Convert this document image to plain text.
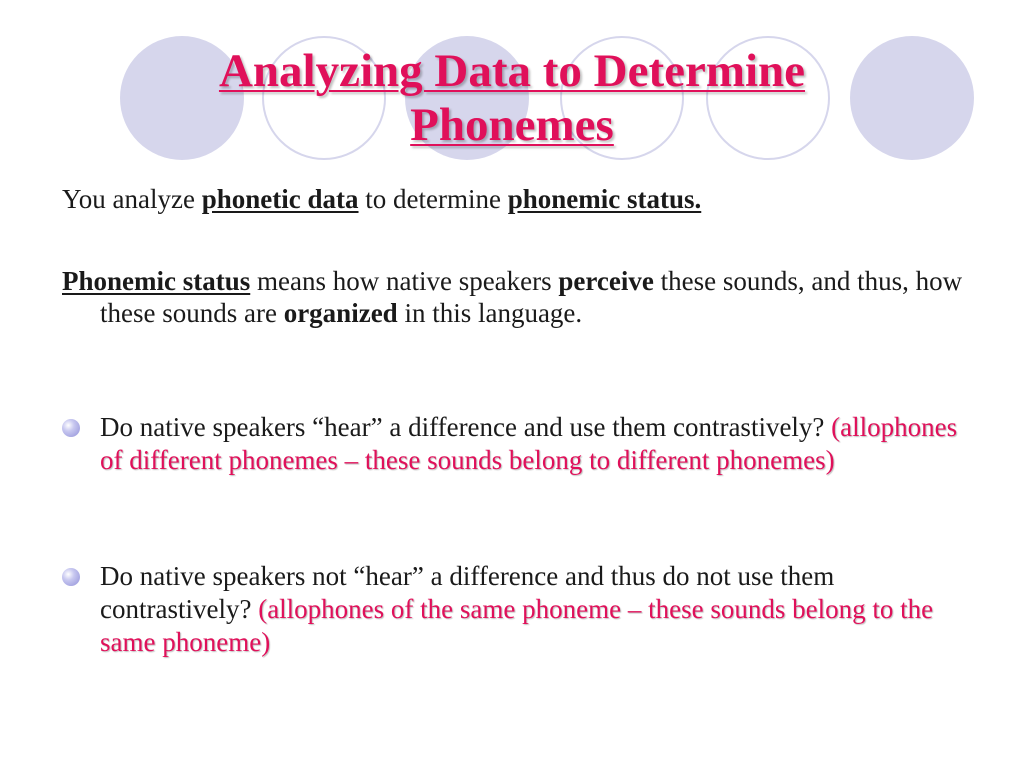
Analyzing Data to Determine
Phonemes
You analyze phonetic data to determine phonemic status.
Phonemic status means how native speakers perceive these sounds, and thus, how these sounds are organized in this language.
Do native speakers “hear” a difference and use them contrastively? (allophones of different phonemes – these sounds belong to different phonemes)
Do native speakers not “hear” a difference and thus do not use them contrastively? (allophones of the same phoneme – these sounds belong to the same phoneme)
